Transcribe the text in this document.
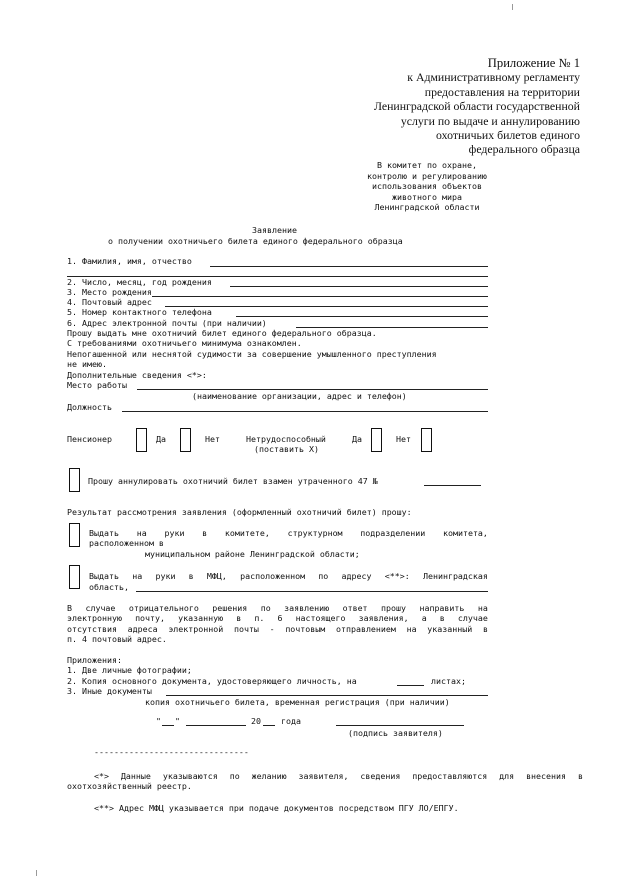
Приложение № 1
к Административному регламенту
предоставления на территории
Ленинградской области государственной
услуги по выдаче и аннулированию
охотничьих билетов единого
федерального образца
В комитет по охране,
контролю и регулированию
использования объектов
животного мира
Ленинградской области
Заявление
о получении охотничьего билета единого федерального образца
1. Фамилия, имя, отчество
2. Число, месяц, год рождения
3. Место рождения
4. Почтовый адрес
5. Номер контактного телефона
6. Адрес электронной почты (при наличии)
Прошу выдать мне охотничий билет единого федерального образца.
С требованиями охотничьего минимума ознакомлен.
Непогашенной или неснятой судимости за совершение умышленного преступления
не имею.
Дополнительные сведения <*>:
Место работы
(наименование организации, адрес и телефон)
Должность
Пенсионер	Да	Нет	Нетрудоспособный
(поставить Х)
Да	Нет
Прошу аннулировать охотничий билет взамен утраченного 47 №
Результат рассмотрения заявления (оформленный охотничий билет) прошу:
Выдать на руки в комитете, структурном подразделении комитета,
расположенном в
муниципальном районе Ленинградской области;
Выдать на руки в МФЦ, расположенном по адресу <**>: Ленинградская
область,
В случае отрицательного решения по заявлению ответ прошу направить на
электронную почту, указанную в п. 6 настоящего заявления, а в случае
отсутствия адреса электронной почты - почтовым отправлением на указанный в
п. 4 почтовый адрес.
Приложения:
1. Две личные фотографии;
2. Копия основного документа, удостоверяющего личность, на	листах;
3. Иные документы
копия охотничьего билета, временная регистрация (при наличии)
" "	20 года
(подпись заявителя)
-------------------------------
<*> Данные указываются по желанию заявителя, сведения предоставляются для внесения в
охотхозяйственный реестр.
<**> Адрес МФЦ указывается при подаче документов посредством ПГУ ЛО/ЕПГУ.
